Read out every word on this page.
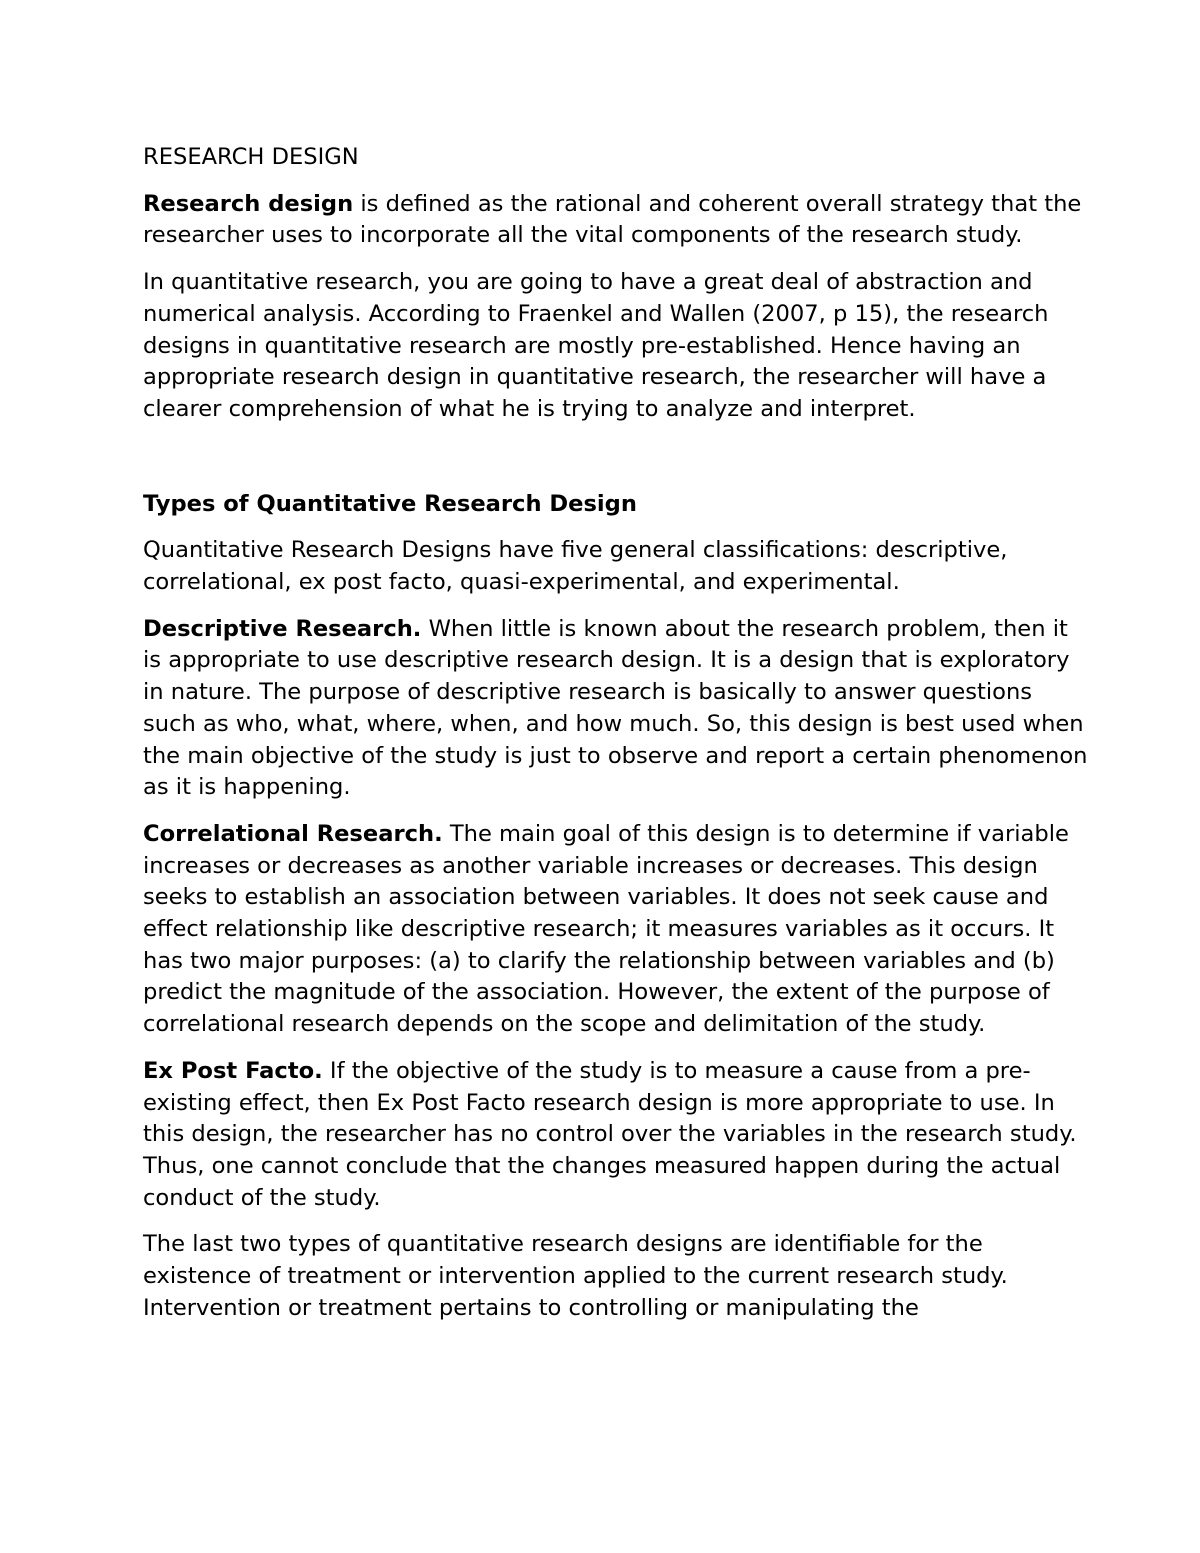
RESEARCH DESIGN

Research design is defined as the rational and coherent overall strategy that the researcher uses to incorporate all the vital components of the research study.

In quantitative research, you are going to have a great deal of abstraction and numerical analysis. According to Fraenkel and Wallen (2007, p 15), the research designs in quantitative research are mostly pre-established. Hence having an appropriate research design in quantitative research, the researcher will have a clearer comprehension of what he is trying to analyze and interpret.

Types of Quantitative Research Design

Quantitative Research Designs have five general classifications: descriptive, correlational, ex post facto, quasi-experimental, and experimental.

Descriptive Research. When little is known about the research problem, then it is appropriate to use descriptive research design. It is a design that is exploratory in nature. The purpose of descriptive research is basically to answer questions such as who, what, where, when, and how much. So, this design is best used when the main objective of the study is just to observe and report a certain phenomenon as it is happening.

Correlational Research. The main goal of this design is to determine if variable increases or decreases as another variable increases or decreases. This design seeks to establish an association between variables. It does not seek cause and effect relationship like descriptive research; it measures variables as it occurs. It has two major purposes: (a) to clarify the relationship between variables and (b) predict the magnitude of the association. However, the extent of the purpose of correlational research depends on the scope and delimitation of the study.

Ex Post Facto. If the objective of the study is to measure a cause from a pre-existing effect, then Ex Post Facto research design is more appropriate to use. In this design, the researcher has no control over the variables in the research study. Thus, one cannot conclude that the changes measured happen during the actual conduct of the study.

The last two types of quantitative research designs are identifiable for the existence of treatment or intervention applied to the current research study. Intervention or treatment pertains to controlling or manipulating the
